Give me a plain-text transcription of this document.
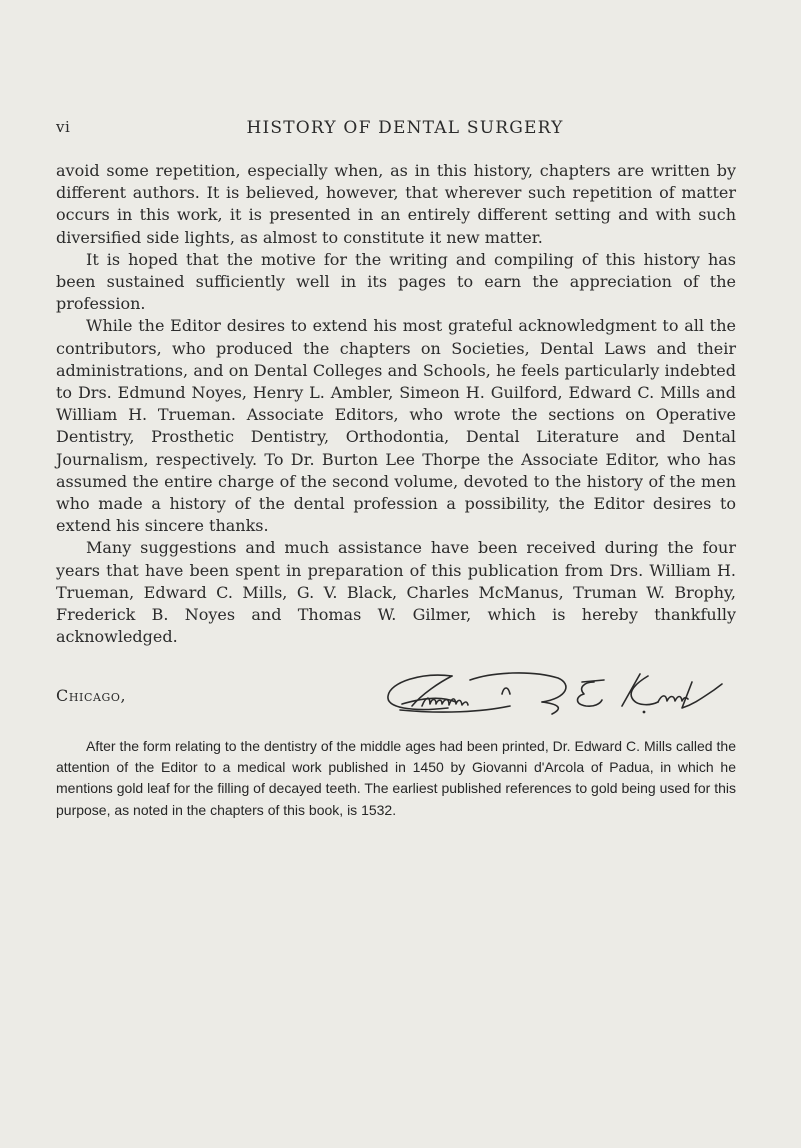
vi	HISTORY OF DENTAL SURGERY

avoid some repetition, especially when, as in this history, chapters are written by different authors. It is believed, however, that wherever such repetition of matter occurs in this work, it is presented in an entirely different setting and with such diversified side lights, as almost to constitute it new matter.

It is hoped that the motive for the writing and compiling of this history has been sustained sufficiently well in its pages to earn the appreciation of the profession.

While the Editor desires to extend his most grateful acknowledgment to all the contributors, who produced the chapters on Societies, Dental Laws and their administrations, and on Dental Colleges and Schools, he feels particularly indebted to Drs. Edmund Noyes, Henry L. Ambler, Simeon H. Guilford, Edward C. Mills and William H. Trueman. Associate Editors, who wrote the sections on Operative Dentistry, Prosthetic Dentistry, Orthodontia, Dental Literature and Dental Journalism, respectively. To Dr. Burton Lee Thorpe the Associate Editor, who has assumed the entire charge of the second volume, devoted to the history of the men who made a history of the dental profession a possibility, the Editor desires to extend his sincere thanks.

Many suggestions and much assistance have been received during the four years that have been spent in preparation of this publication from Drs. William H. Trueman, Edward C. Mills, G. V. Black, Charles McManus, Truman W. Brophy, Frederick B. Noyes and Thomas W. Gilmer, which is hereby thankfully acknowledged.

Chicago,
After the form relating to the dentistry of the middle ages had been printed, Dr. Edward C. Mills called the attention of the Editor to a medical work published in 1450 by Giovanni d'Arcola of Padua, in which he mentions gold leaf for the filling of decayed teeth. The earliest published references to gold being used for this purpose, as noted in the chapters of this book, is 1532.
